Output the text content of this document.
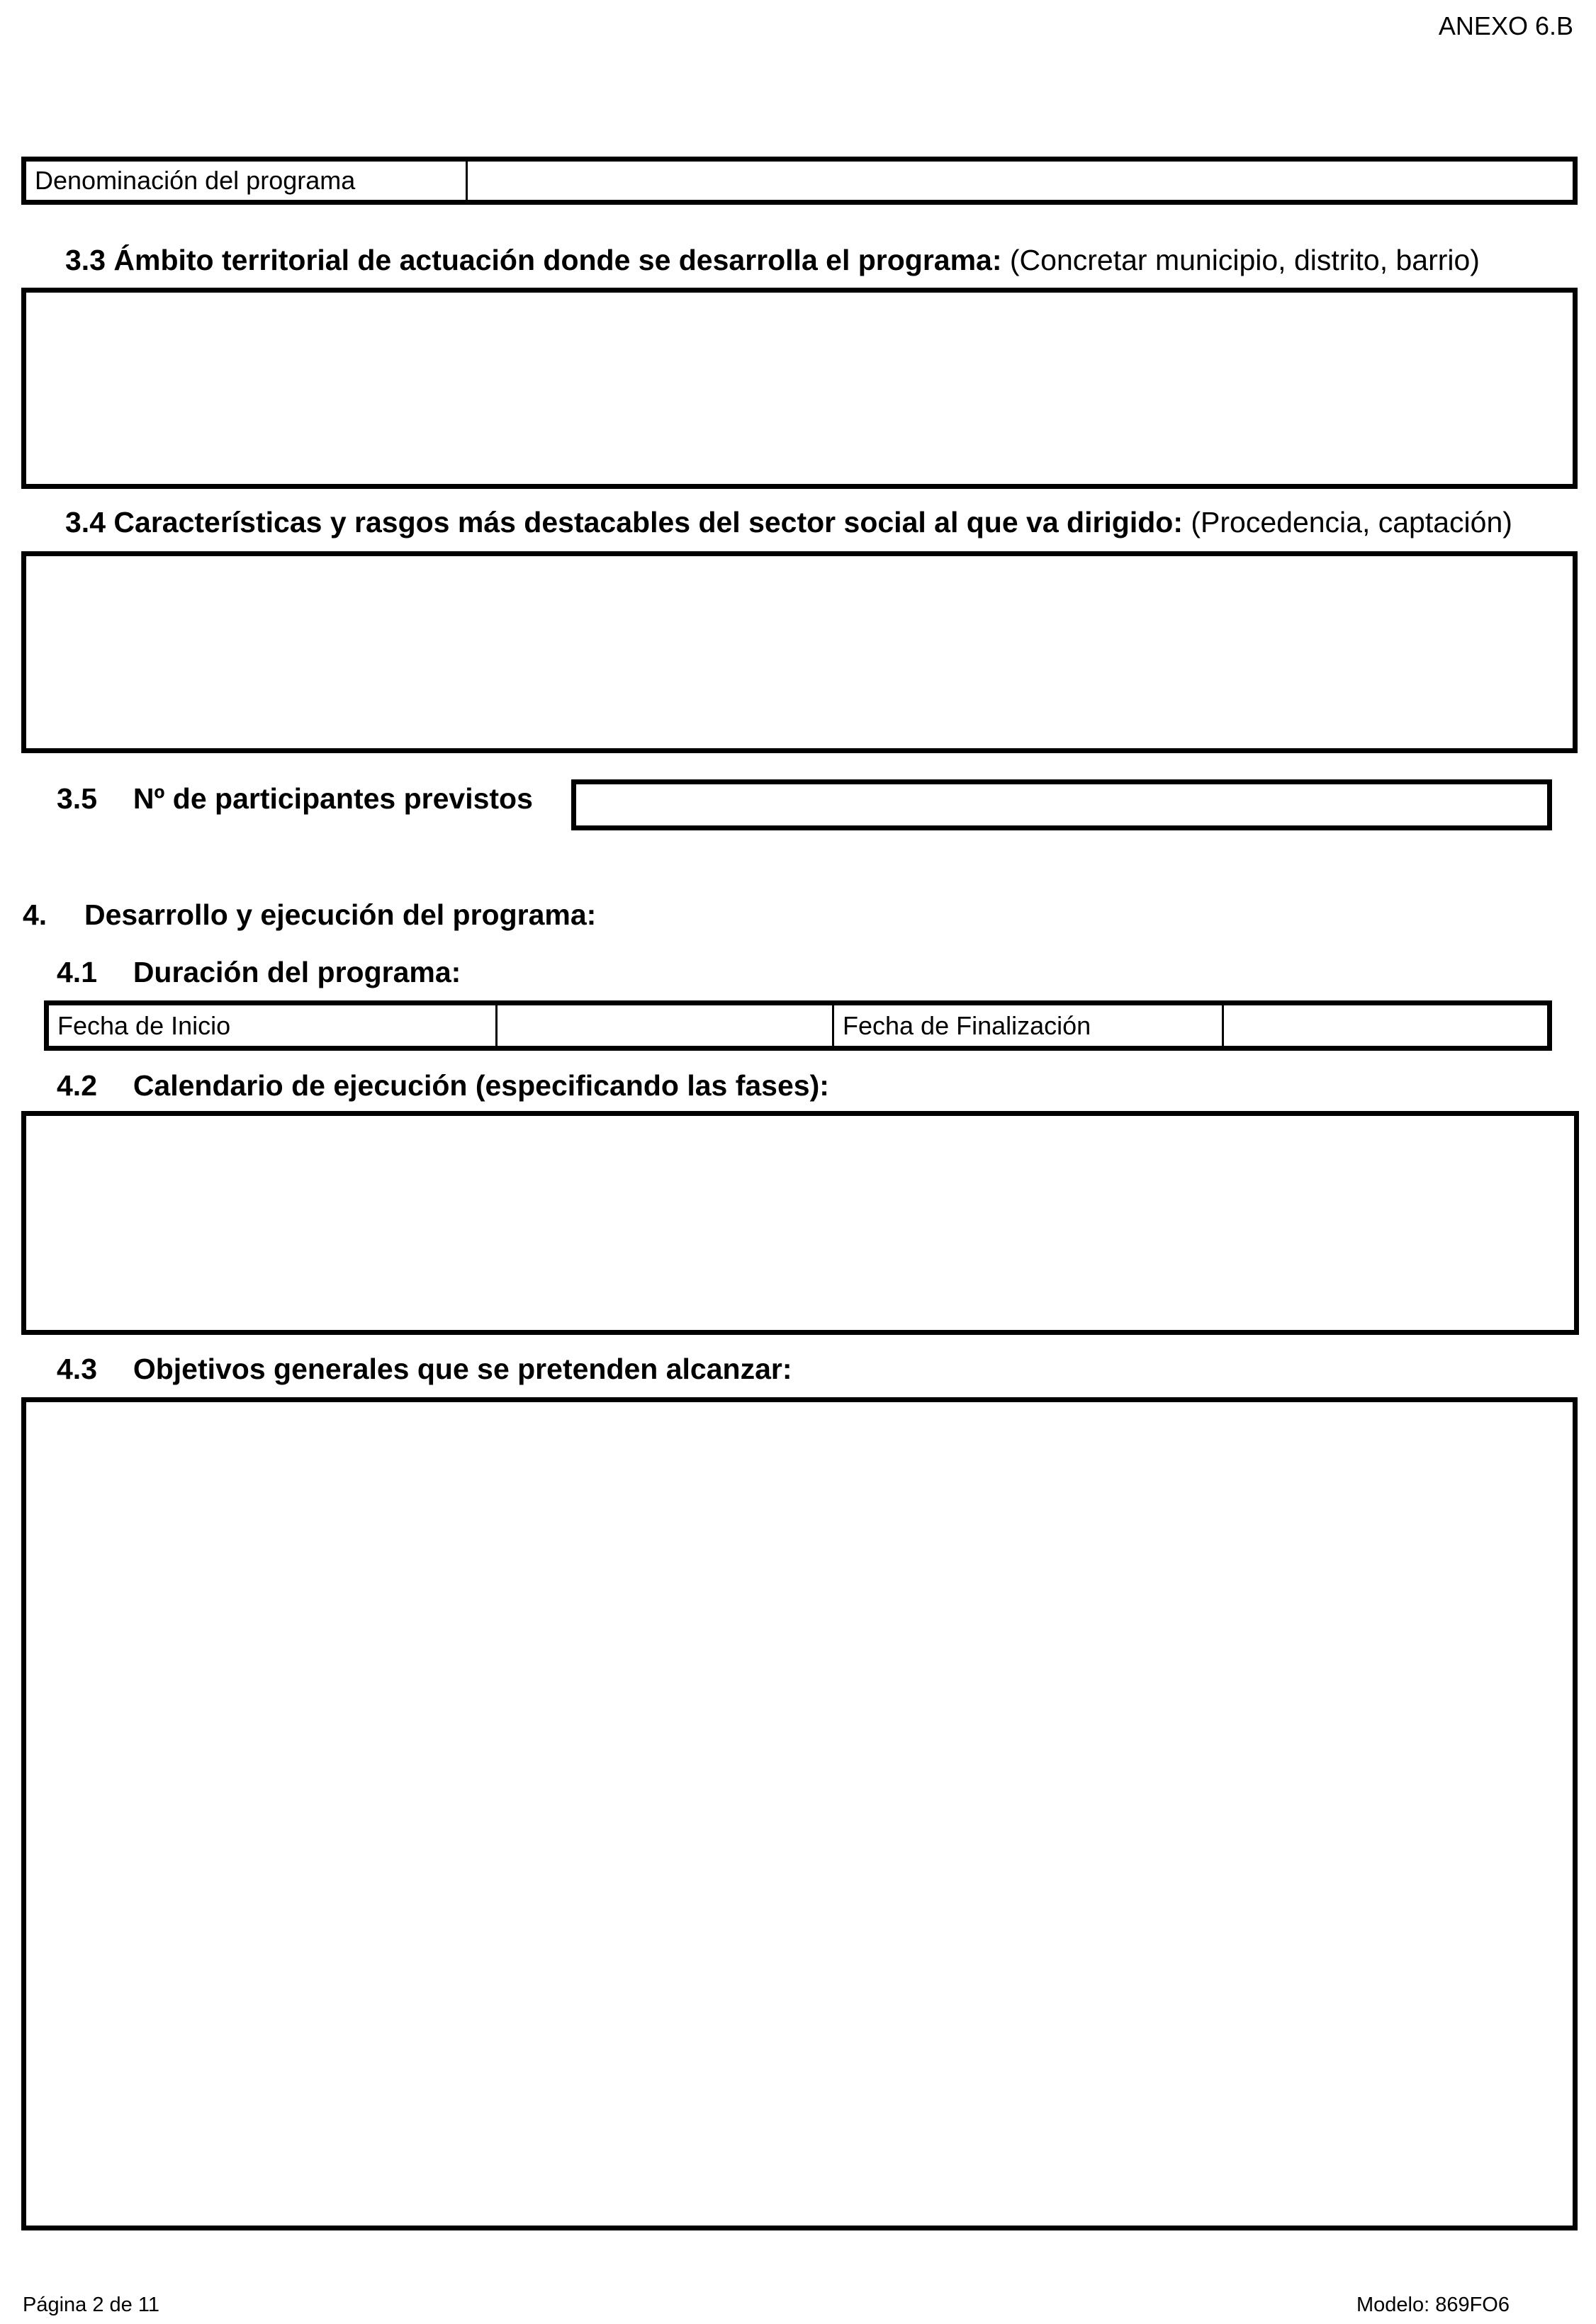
ANEXO 6.B
Denominación del programa
3.3 Ámbito territorial de actuación donde se desarrolla el programa: (Concretar municipio, distrito, barrio)
3.4 Características y rasgos más destacables del sector social al que va dirigido: (Procedencia, captación)
3.5 Nº de participantes previstos
4. Desarrollo y ejecución del programa:
4.1 Duración del programa:
Fecha de Inicio	Fecha de Finalización
4.2 Calendario de ejecución (especificando las fases):
4.3 Objetivos generales que se pretenden alcanzar:
Página 2 de 11	Modelo: 869FO6
